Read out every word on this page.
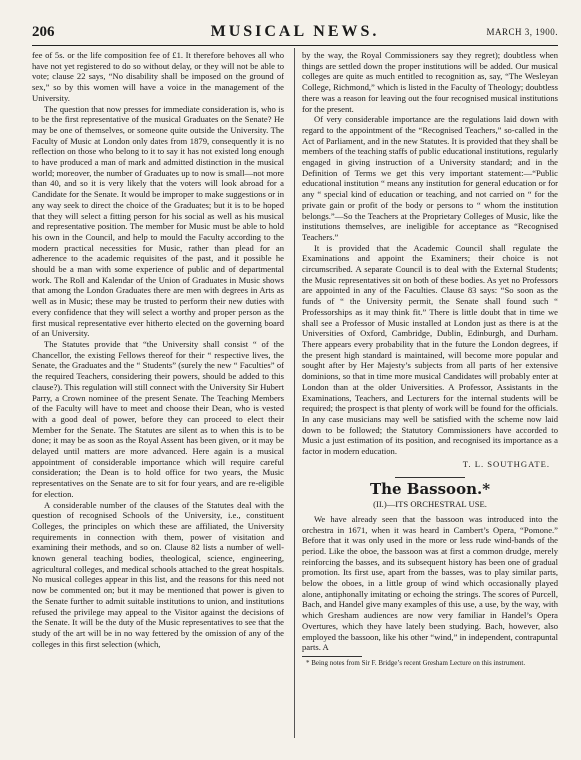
206	MUSICAL NEWS.	MARCH 3, 1900.

fee of 5s. or the life composition fee of £1. It therefore behoves all who have not yet registered to do so without delay, or they will not be able to vote; clause 22 says, “No disability shall be imposed on the ground of sex,” so by this women will have a voice in the management of the University.

The question that now presses for immediate consideration is, who is to be the first representative of the musical Graduates on the Senate? He may be one of themselves, or someone quite outside the University. The Faculty of Music at London only dates from 1879, consequently it is no reflection on those who belong to it to say it has not existed long enough to have produced a man of mark and admitted distinction in the musical world; moreover, the number of Graduates up to now is small—not more than 40, and so it is very likely that the voters will look abroad for a Candidate for the Senate. It would be improper to make suggestions or in any way seek to direct the choice of the Graduates; but it is to be hoped that they will select a fitting person for his social as well as his musical and representative position. The member for Music must be able to hold his own in the Council, and help to mould the Faculty according to the modern practical necessities for Music, rather than plead for an adherence to the academic requisites of the past, and it possible he should be a man with some experience of public and of departmental work. The Roll and Kalendar of the Union of Graduates in Music shows that among the London Graduates there are men with degrees in Arts as well as in Music; these may be trusted to perform their new duties with every confidence that they will select a worthy and proper person as the first musical representative ever hitherto elected on the governing board of an University.

The Statutes provide that “the University shall consist “ of the Chancellor, the existing Fellows thereof for their “ respective lives, the Senate, the Graduates and the “ Students” (surely the new “ Faculties” of the required Teachers, considering their powers, should be added to this clause?). This regulation will still connect with the University Sir Hubert Parry, a Crown nominee of the present Senate. The Teaching Members of the Faculty will have to meet and choose their Dean, who is vested with a good deal of power, before they can proceed to elect their Member for the Senate. The Statutes are silent as to when this is to be done; it may be as soon as the Royal Assent has been given, or it may be delayed until matters are more advanced. Here again is a musical appointment of considerable importance which will require careful consideration; the Dean is to hold office for two years, the Music representatives on the Senate are to sit for four years, and are re-eligible for election.

A considerable number of the clauses of the Statutes deal with the question of recognised Schools of the University, i.e., constituent Colleges, the principles on which these are affiliated, the University requirements in connection with them, power of visitation and examining their methods, and so on. Clause 82 lists a number of well-known general teaching bodies, theological, science, engineering, agricultural colleges, and medical schools attached to the great hospitals. No musical colleges appear in this list, and the reasons for this need not now be commented on; but it may be mentioned that power is given to the Senate further to admit suitable institutions to union, and institutions refused the privilege may appeal to the Visitor against the decisions of the Senate. It will be the duty of the Music representatives to see that the study of the art will be in no way fettered by the omission of any of the colleges in this first selection (which,

by the way, the Royal Commissioners say they regret); doubtless when things are settled down the proper institutions will be added. Our musical colleges are quite as much entitled to recognition as, say, “The Wesleyan College, Richmond,” which is listed in the Faculty of Theology; doubtless there was a reason for leaving out the four recognised musical institutions for the present.

Of very considerable importance are the regulations laid down with regard to the appointment of the “Recognised Teachers,” so-called in the Act of Parliament, and in the new Statutes. It is provided that they shall be members of the teaching staffs of public educational institutions, regularly engaged in giving instruction of a University standard; and in the Definition of Terms we get this very important statement:—“Public educational institution “ means any institution for general education or for any “ special kind of education or teaching, and not carried on “ for the private gain or profit of the body or persons to “ whom the institution belongs.”—So the Teachers at the Proprietary Colleges of Music, like the institutions themselves, are ineligible for acceptance as “Recognised Teachers.”

It is provided that the Academic Council shall regulate the Examinations and appoint the Examiners; their choice is not circumscribed. A separate Council is to deal with the External Students; the Music representatives sit on both of these bodies. As yet no Professors are appointed in any of the Faculties. Clause 83 says: “So soon as the funds of “ the University permit, the Senate shall found such “ Professorships as it may think fit.” There is little doubt that in time we shall see a Professor of Music installed at London just as there is at the Universities of Oxford, Cambridge, Dublin, Edinburgh, and Durham. There appears every probability that in the future the London degrees, if the present high standard is maintained, will become more popular and sought after by Her Majesty’s subjects from all parts of her extensive dominions, so that in time more musical Candidates will probably enter at London than at the older Universities. A Professor, Assistants in the Examinations, Teachers, and Lecturers for the internal students will be required; the prospect is that plenty of work will be found for the officials. In any case musicians may well be satisfied with the scheme now laid down to be followed; the Statutory Commissioners have accorded to Music a just estimation of its position, and recognised its importance as a factor in modern education.

T. L. SOUTHGATE.
The Bassoon.*
(II.)—ITS ORCHESTRAL USE.

We have already seen that the bassoon was introduced into the orchestra in 1671, when it was heard in Cambert’s Opera, “Pomone.” Before that it was only used in the more or less rude wind-bands of the period. Like the oboe, the bassoon was at first a common drudge, merely reinforcing the basses, and its subsequent history has been one of gradual promotion. Its first use, apart from the basses, was to play similar parts, below the oboes, in a little group of wind which occasionally played alone, antiphonally imitating or echoing the strings. The scores of Purcell, Bach, and Handel give many examples of this use, a use, by the way, with which Gresham audiences are now very familiar in Handel’s Opera Overtures, which they have lately been studying. Bach, however, also employed the bassoon, like his other “wind,” in independent, contrapuntal parts. A

* Being notes from Sir F. Bridge’s recent Gresham Lecture on this instrument.
